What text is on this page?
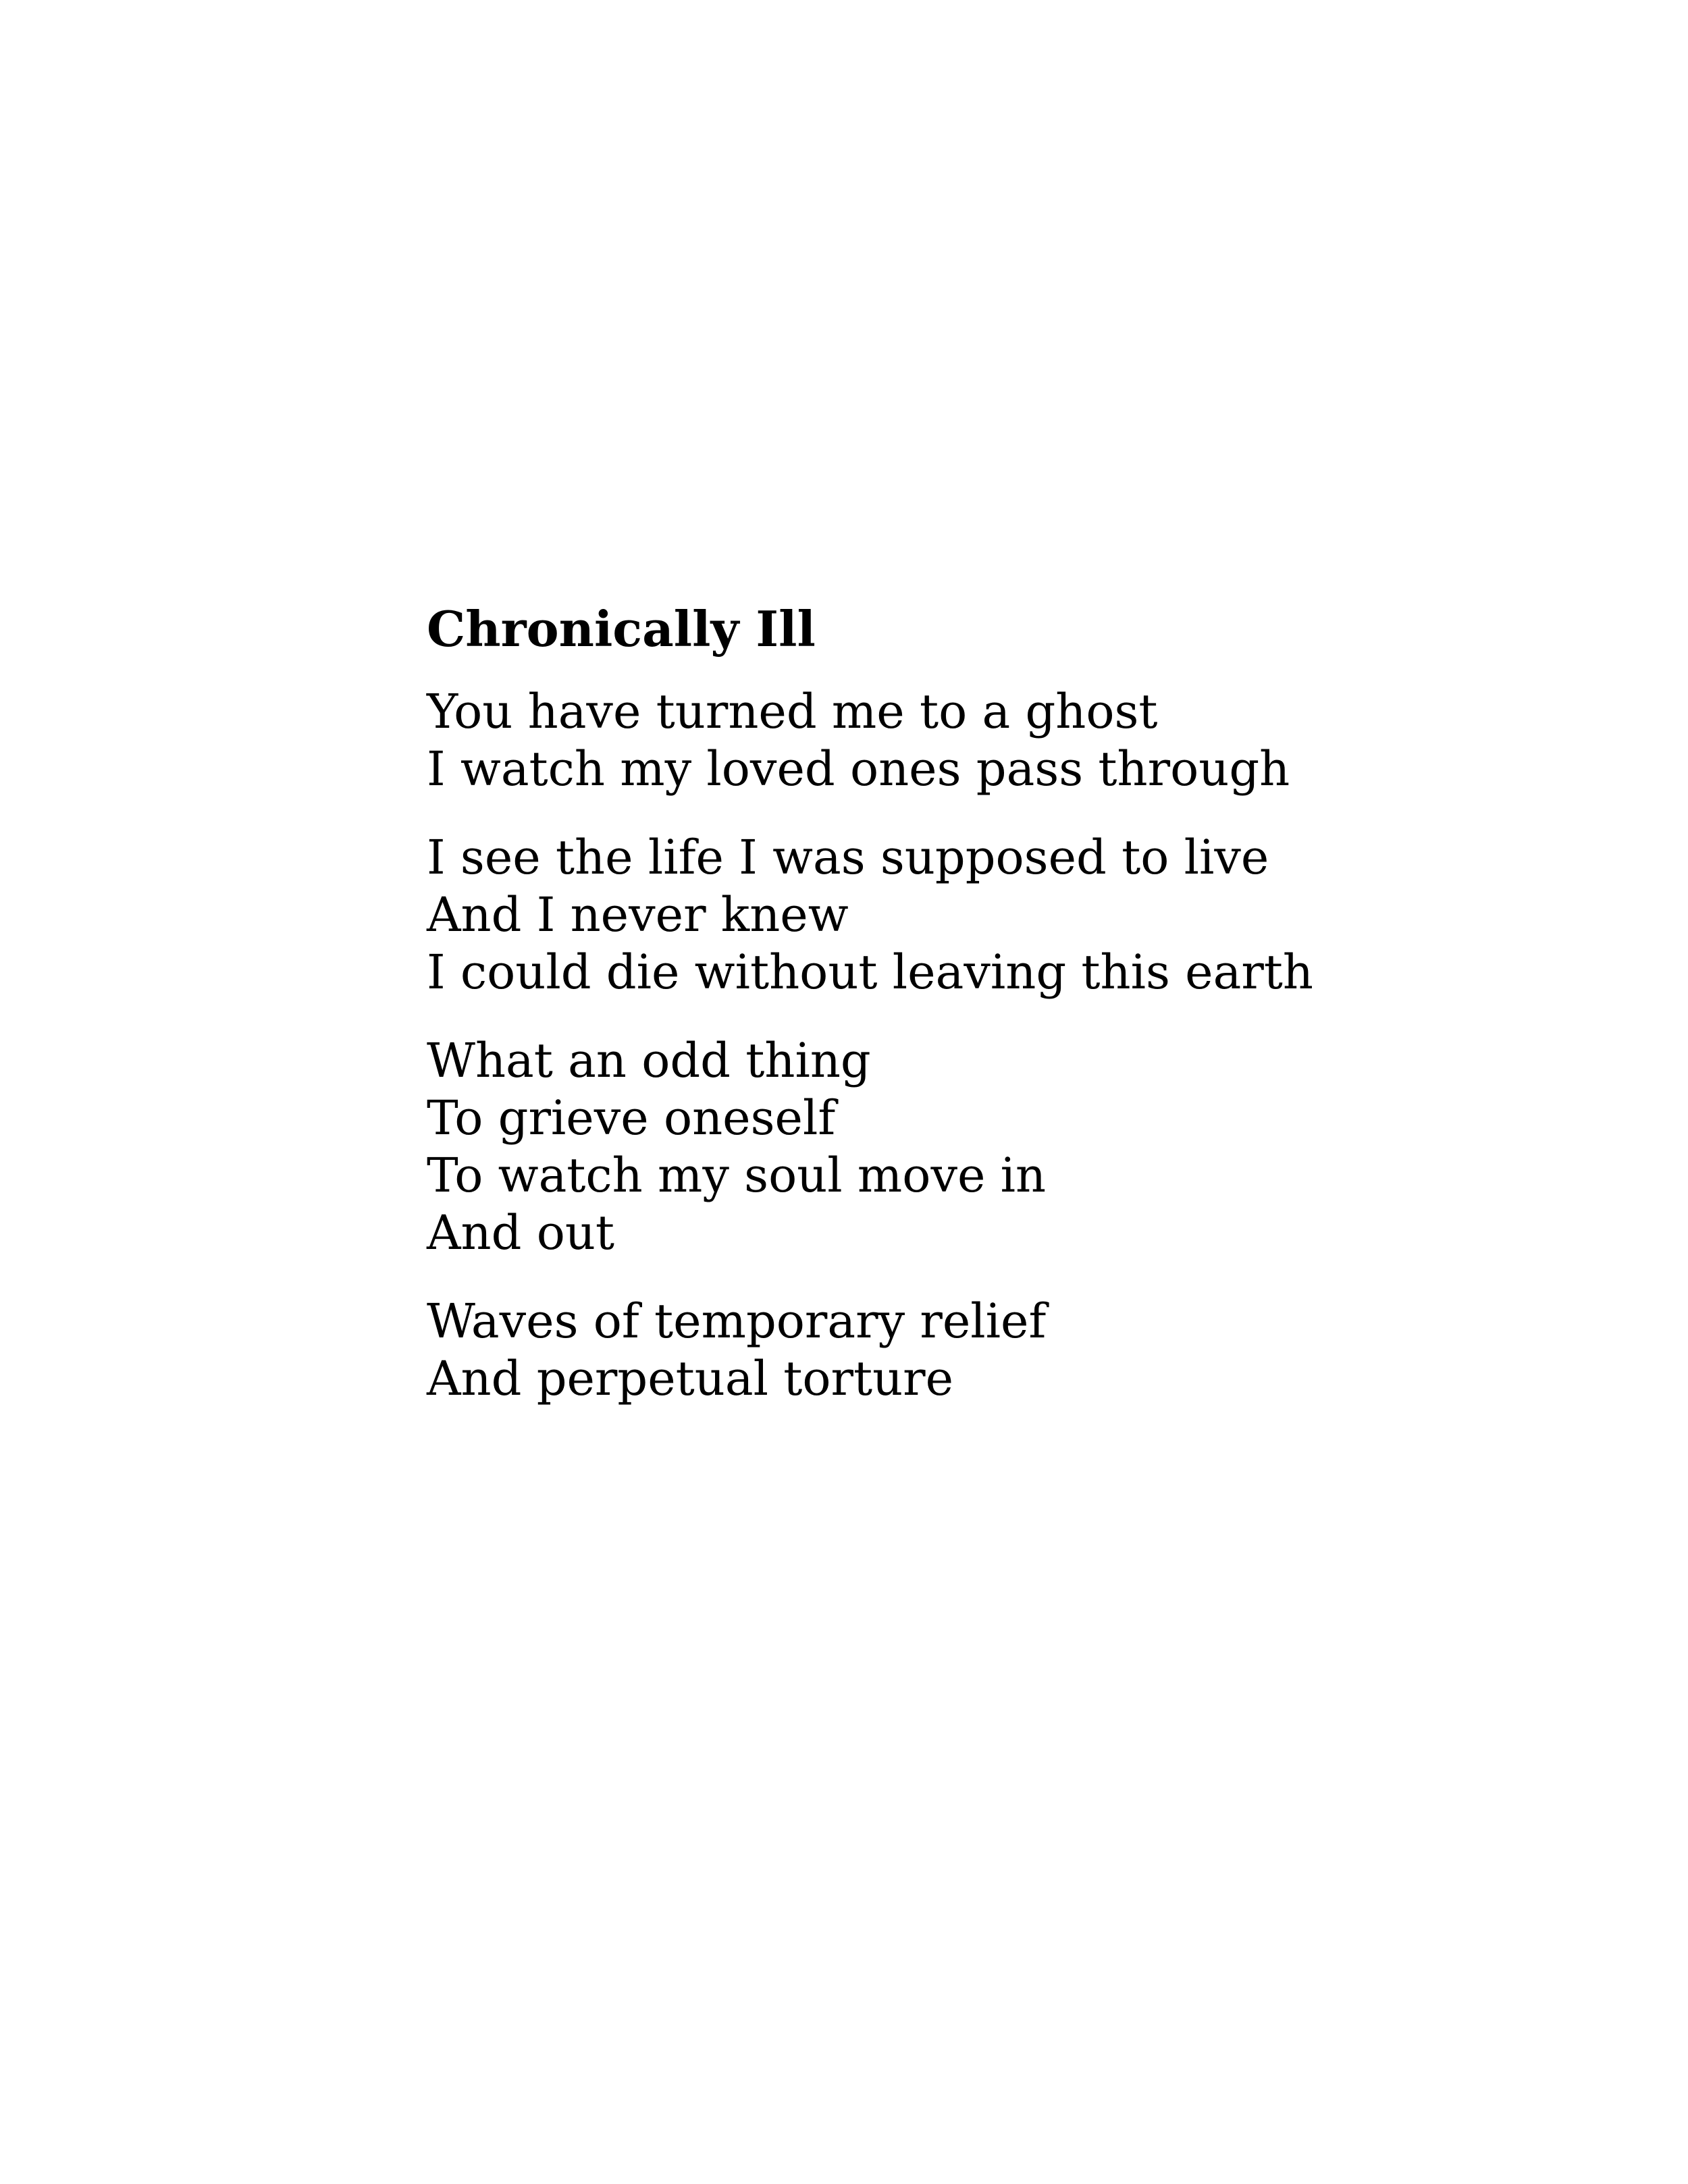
Chronically Ill
You have turned me to a ghost
I watch my loved ones pass through
I see the life I was supposed to live
And I never knew
I could die without leaving this earth
What an odd thing
To grieve oneself
To watch my soul move in
And out
Waves of temporary relief
And perpetual torture
